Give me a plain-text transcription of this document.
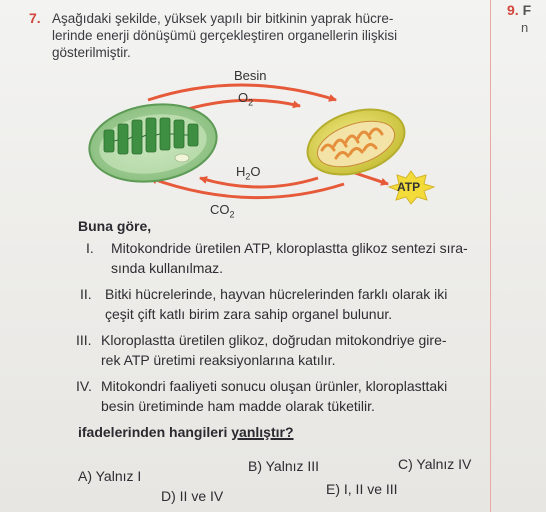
9. F
n
7. Aşağıdaki şekilde, yüksek yapılı bir bitkinin yaprak hücre-
lerinde enerji dönüşümü gerçekleştiren organellerin ilişkisi
gösterilmiştir.
Besin
$O_2$
$H_2O$
$CO_2$
ATP
Buna göre,
I. Mitokondride üretilen ATP, kloroplastta glikoz sentezi sıra-
sında kullanılmaz.
II. Bitki hücrelerinde, hayvan hücrelerinden farklı olarak iki
çeşit çift katlı birim zara sahip organel bulunur.
III. Kloroplastta üretilen glikoz, doğrudan mitokondriye gire-
rek ATP üretimi reaksiyonlarına katılır.
IV. Mitokondri faaliyeti sonucu oluşan ürünler, kloroplasttaki
besin üretiminde ham madde olarak tüketilir.
ifadelerinden hangileri yanlıştır?
A) Yalnız I
B) Yalnız III	C) Yalnız IV
D) II ve IV	E) I, II ve III
